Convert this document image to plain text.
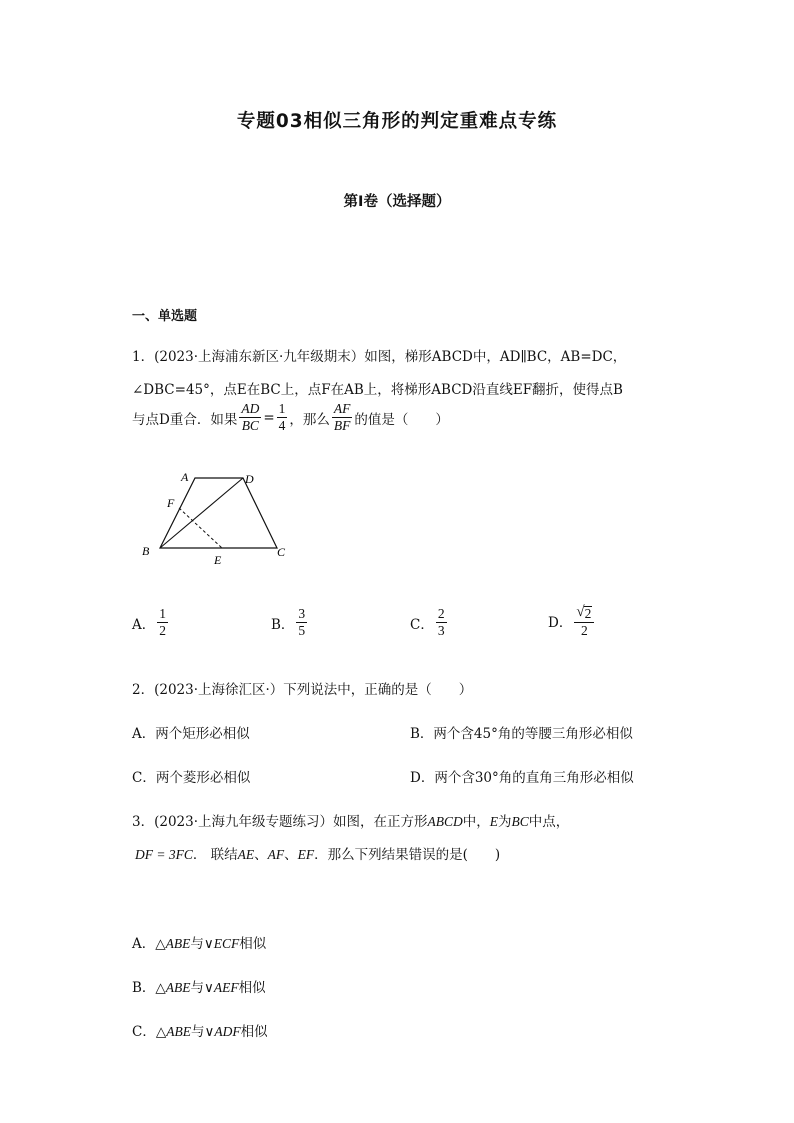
专题03相似三角形的判定重难点专练
第I卷（选择题）
一、单选题
1．(2023·上海浦东新区·九年级期末）如图，梯形ABCD中，AD∥BC，AB=DC，
∠DBC=45°，点E在BC上，点F在AB上，将梯形ABCD沿直线EF翻折，使得点B
与点D重合．如果 $\frac{AD}{BC} = \frac{1}{4}$ ，那么 $\frac{AF}{BF}$ 的值是（　　）
A	D
F
B
E
C
A． $\frac{1}{2}$	B． $\frac{3}{5}$	C． $\frac{2}{3}$	D． $\frac{√ 2}{2}$
2．(2023·上海徐汇区·）下列说法中，正确的是（　　）
A．两个矩形必相似	B．两个含45°角的等腰三角形必相似
C．两个菱形必相似	D．两个含30°角的直角三角形必相似
3．(2023·上海九年级专题练习）如图，在正方形ABCD中，E为BC中点，
DF = 3FC． 联结AE、AF、EF．那么下列结果错误的是(　　)
A．△ABE与∨ECF相似
B．△ABE与∨AEF相似
C．△ABE与∨ADF相似
